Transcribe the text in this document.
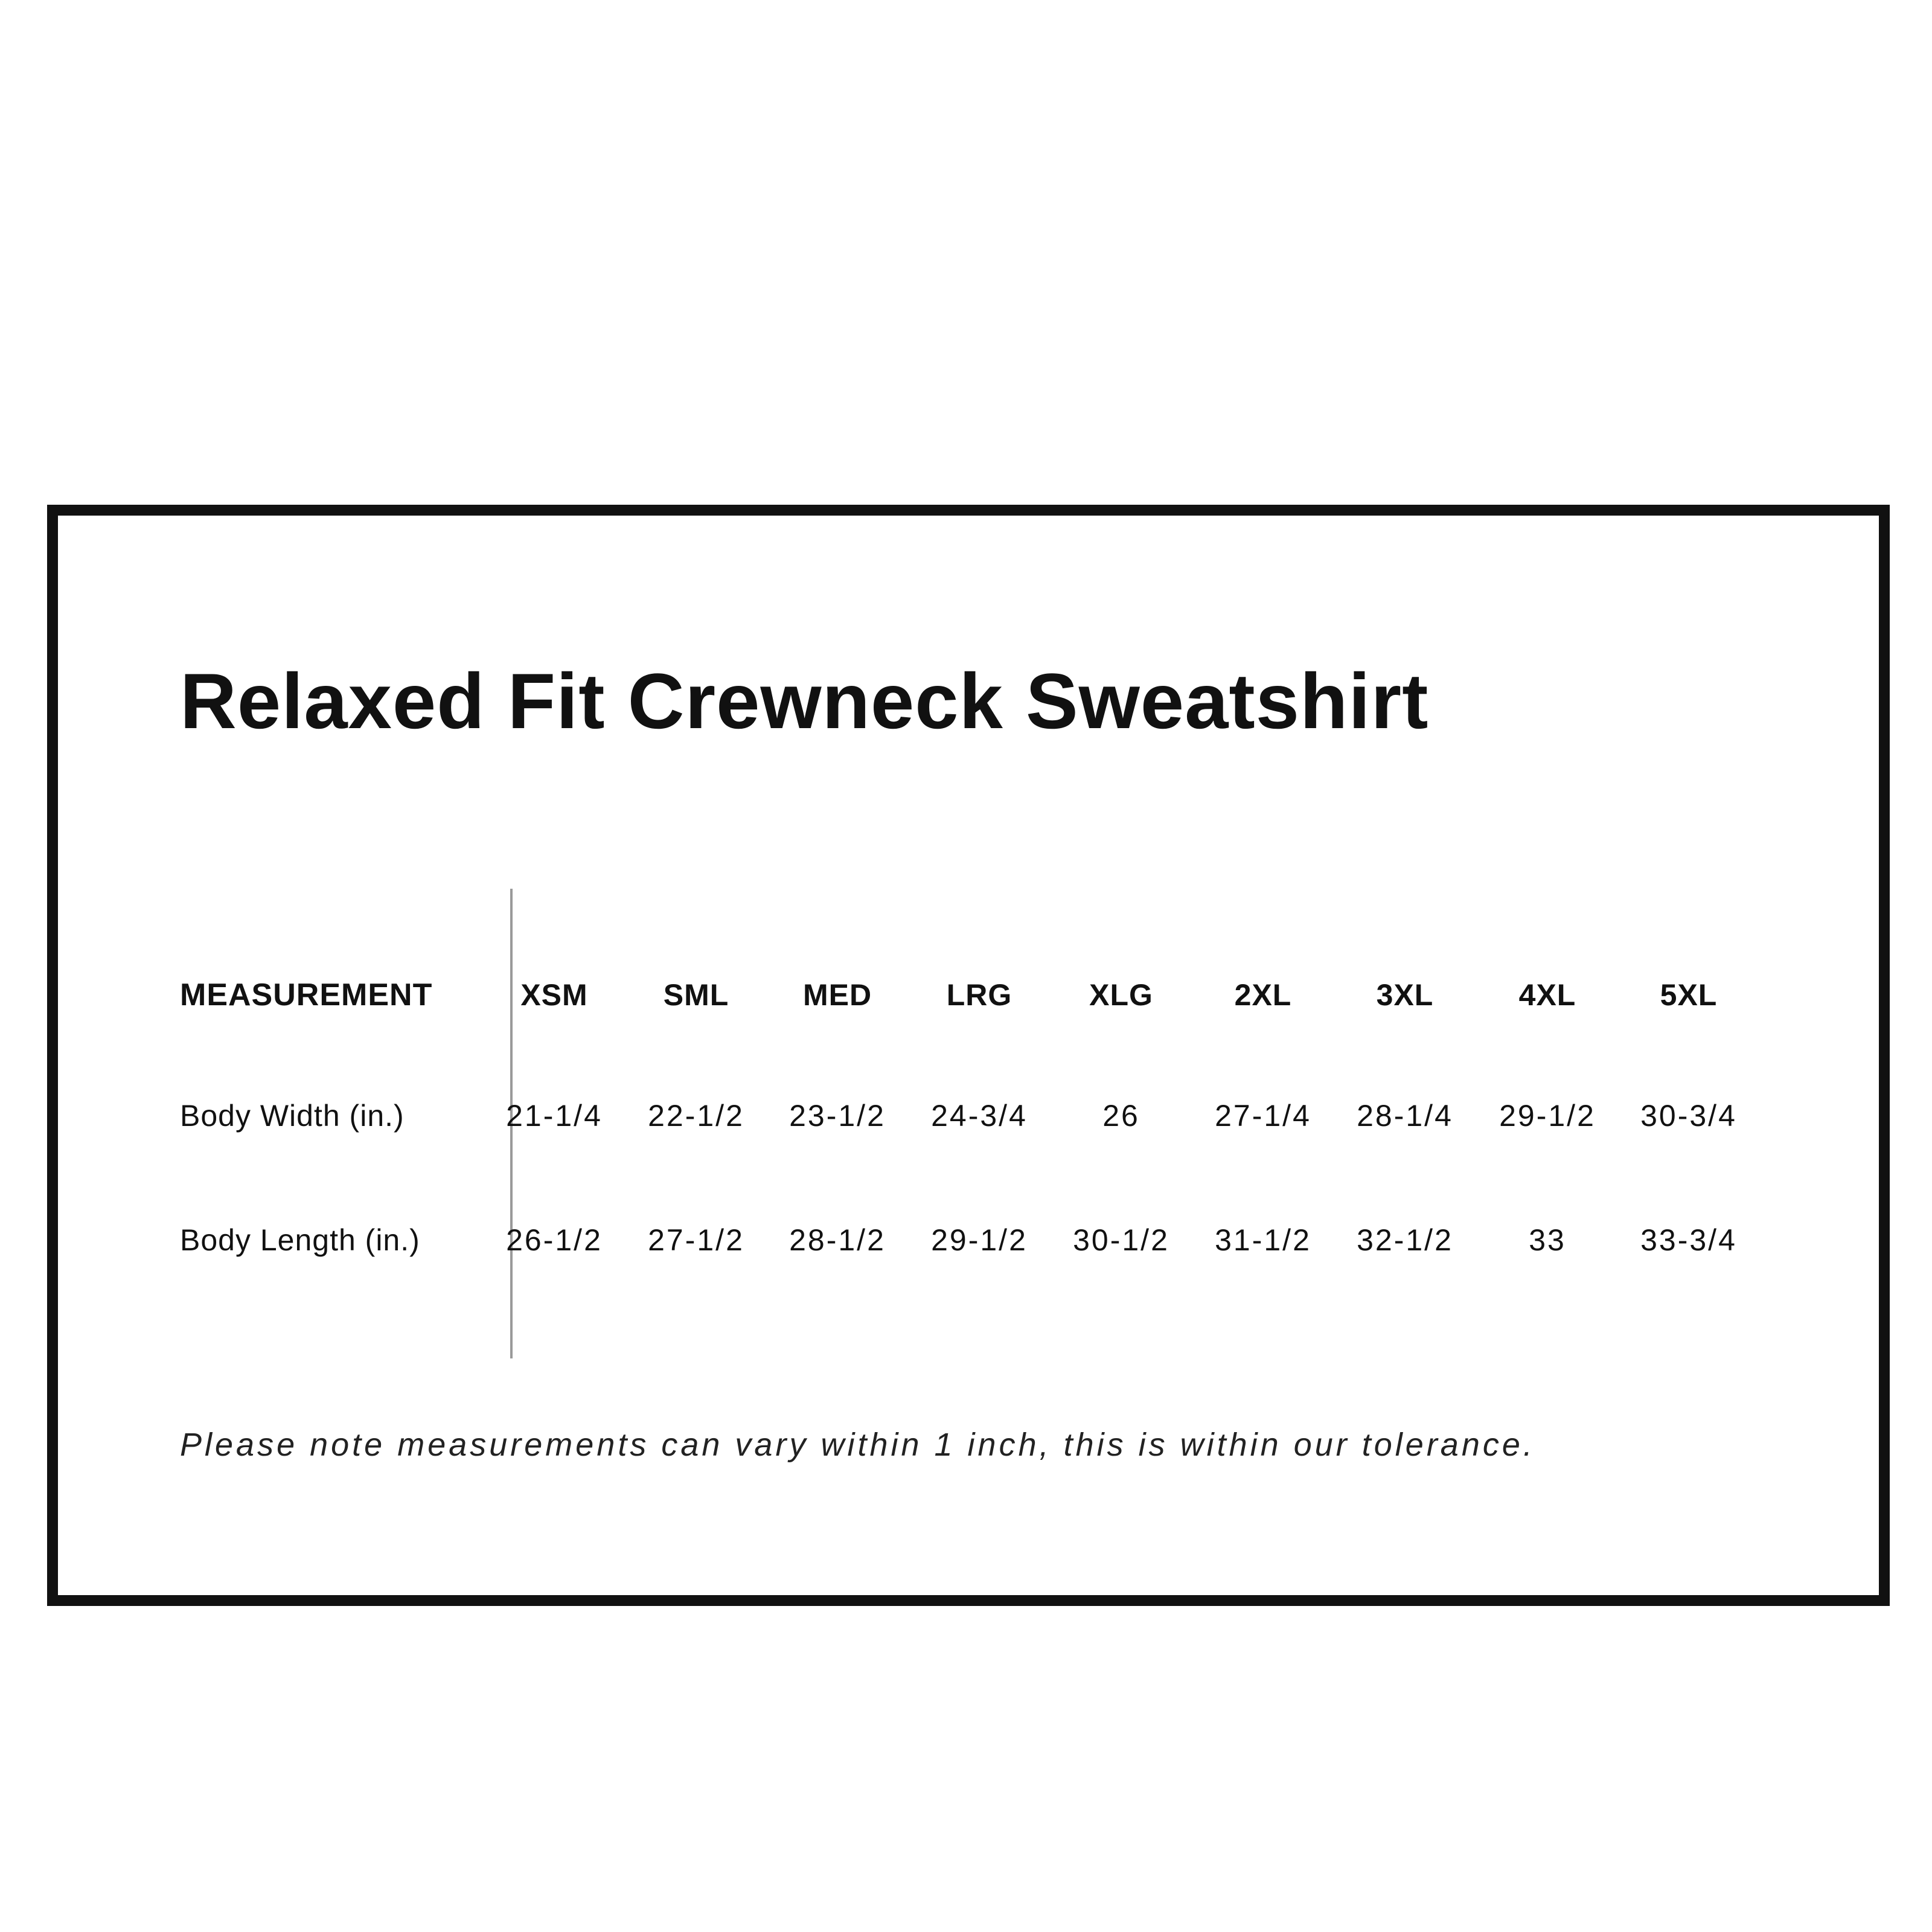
Relaxed Fit Crewneck Sweatshirt
MEASUREMENT	XSM	SML	MED	LRG	XLG	2XL	3XL	4XL	5XL
Body Width (in.)	21-1/4	22-1/2	23-1/2	24-3/4	26	27-1/4	28-1/4	29-1/2	30-3/4
Body Length (in.)	26-1/2	27-1/2	28-1/2	29-1/2	30-1/2	31-1/2	32-1/2	33	33-3/4
Please note measurements can vary within 1 inch, this is within our tolerance.
